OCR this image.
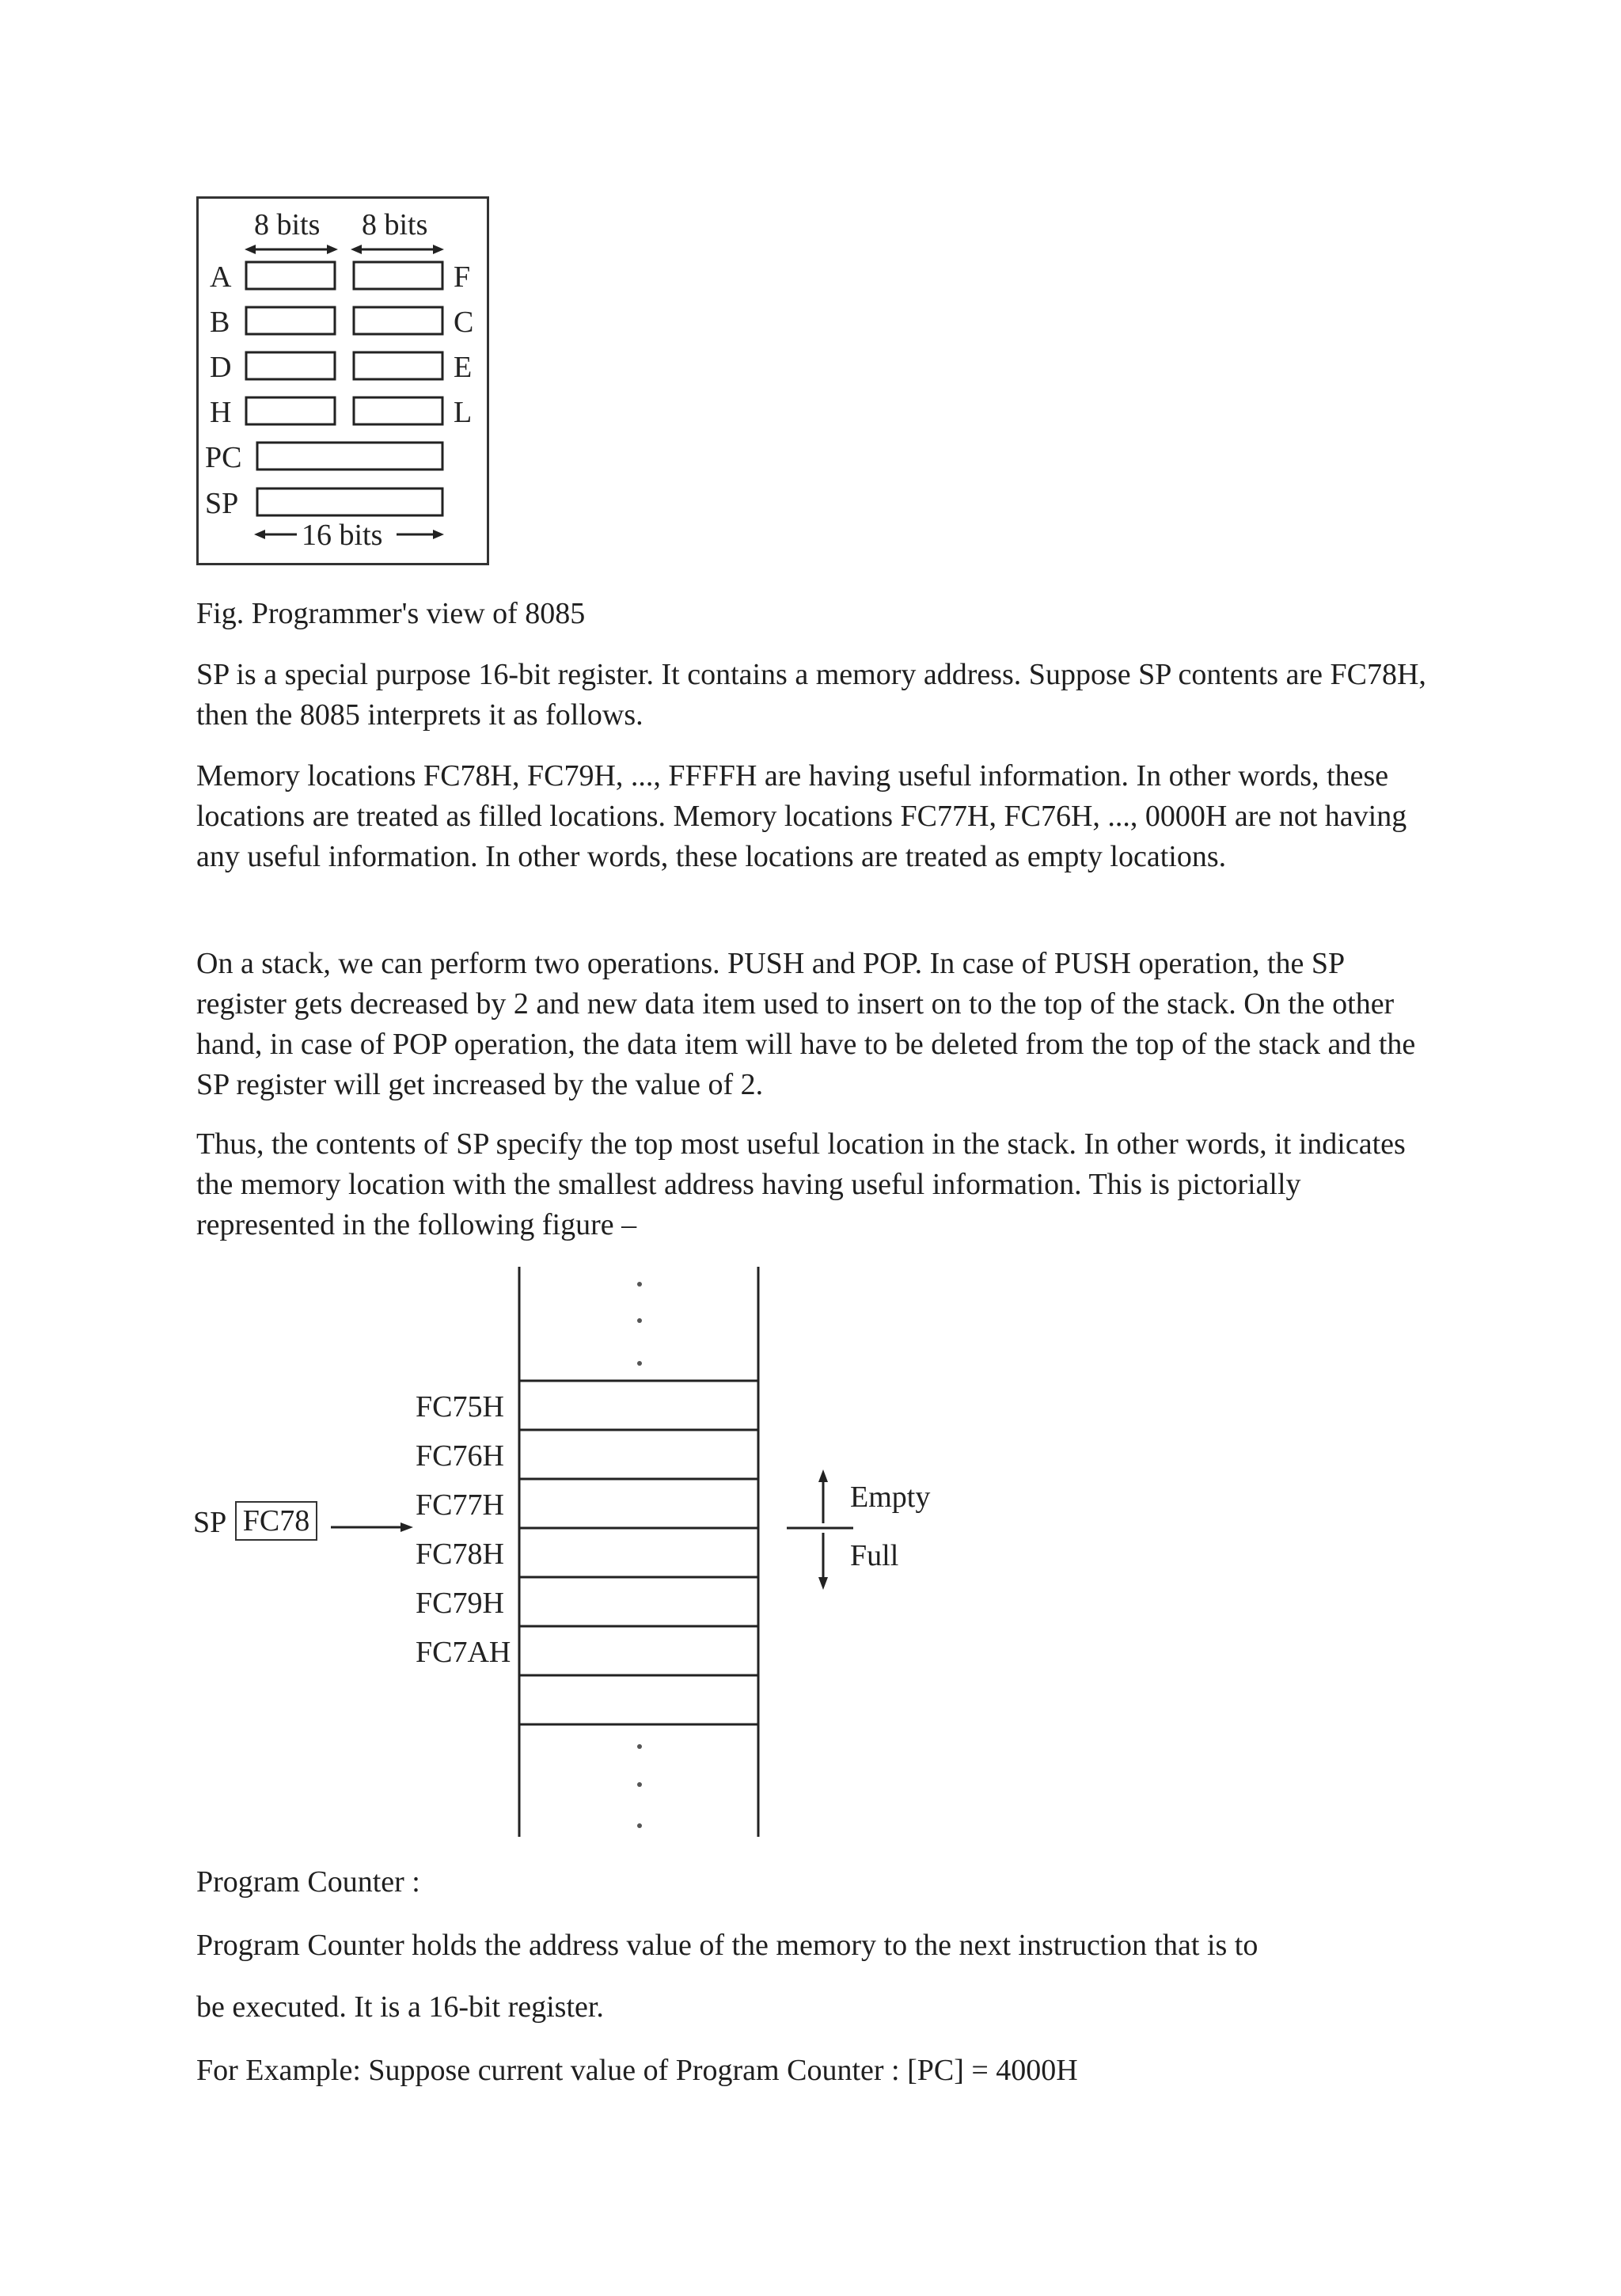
8 bits 8 bits
A
B
D
H
F
C
E
L
PC
SP
16 bits
Fig. Programmer's view of 8085
SP is a special purpose 16-bit register. It contains a memory address. Suppose SP contents are FC78H, then the 8085 interprets it as follows.
Memory locations FC78H, FC79H, ..., FFFFH are having useful information. In other words, these locations are treated as filled locations. Memory locations FC77H, FC76H, ..., 0000H are not having any useful information. In other words, these locations are treated as empty locations.
On a stack, we can perform two operations. PUSH and POP. In case of PUSH operation, the SP register gets decreased by 2 and new data item used to insert on to the top of the stack. On the other hand, in case of POP operation, the data item will have to be deleted from the top of the stack and the SP register will get increased by the value of 2.
Thus, the contents of SP specify the top most useful location in the stack. In other words, it indicates the memory location with the smallest address having useful information. This is pictorially represented in the following figure –
SP FC78
FC75H
FC76H
FC77H
FC78H
FC79H
FC7AH
Empty
Full
Program Counter :
Program Counter holds the address value of the memory to the next instruction that is to
be executed. It is a 16-bit register.
For Example: Suppose current value of Program Counter : [PC] = 4000H
